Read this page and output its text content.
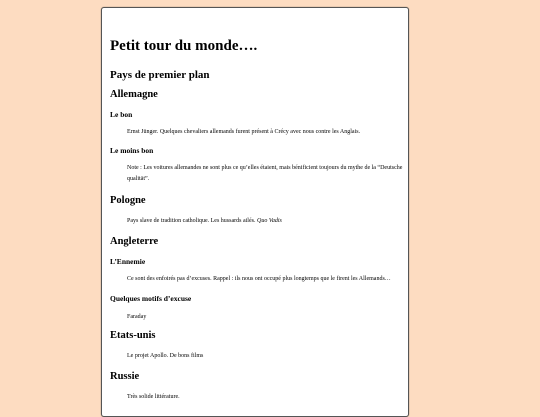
Petit tour du monde….
Pays de premier plan
Allemagne
Le bon

Ernst Jünger. Quelques chevaliers allemands furent présent à Crécy avec nous contre les Anglais.

Le moins bon

Note : Les voitures allemandes ne sont plus ce qu’elles étaient, mais bénificient toujours du mythe de la “Deutsche qualität”.

Pologne

Pays slave de tradition catholique. Les hussards ailés. Quo Vadis

Angleterre
L’Ennemie

Ce sont des enfoirés pas d’excuses. Rappel : ils nous ont occupé plus longtemps que le firent les Allemands…

Quelques motifs d’excuse

Faraday

Etats-unis

Le projet Apollo. De bons films

Russie

Très solide littérature.
